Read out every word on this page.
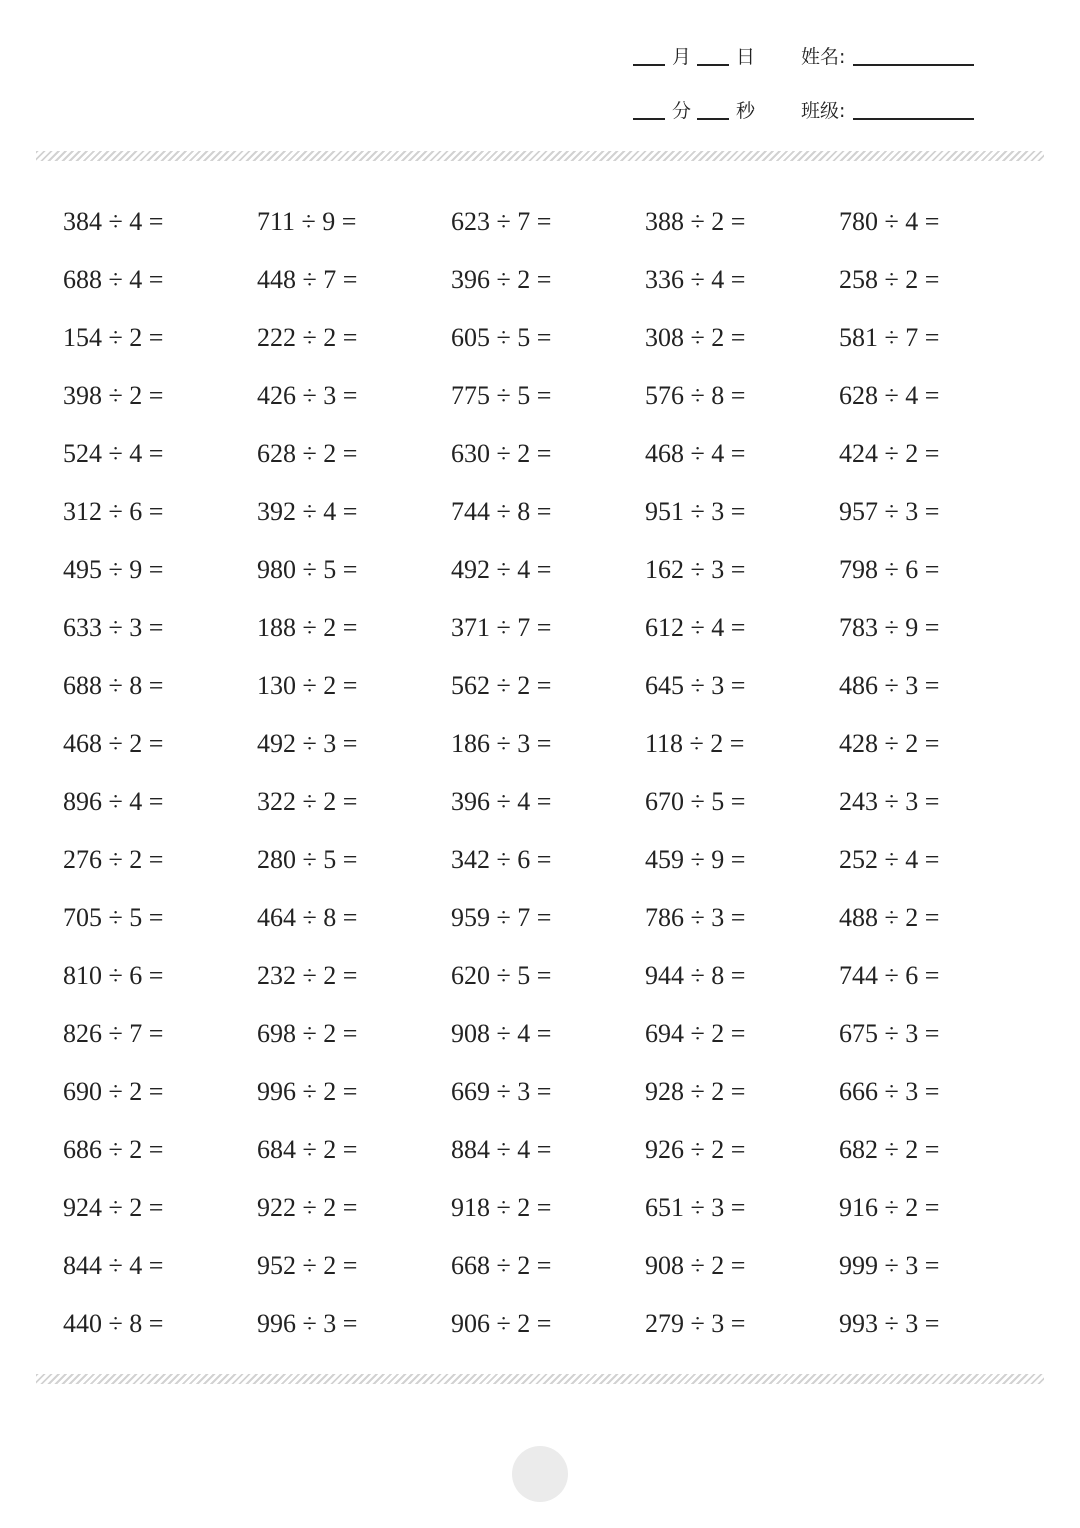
月 日 姓名:
分 秒 班级:
384 ÷ 4 =	711 ÷ 9 =	623 ÷ 7 =	388 ÷ 2 =	780 ÷ 4 =
688 ÷ 4 =	448 ÷ 7 =	396 ÷ 2 =	336 ÷ 4 =	258 ÷ 2 =
154 ÷ 2 =	222 ÷ 2 =	605 ÷ 5 =	308 ÷ 2 =	581 ÷ 7 =
398 ÷ 2 =	426 ÷ 3 =	775 ÷ 5 =	576 ÷ 8 =	628 ÷ 4 =
524 ÷ 4 =	628 ÷ 2 =	630 ÷ 2 =	468 ÷ 4 =	424 ÷ 2 =
312 ÷ 6 =	392 ÷ 4 =	744 ÷ 8 =	951 ÷ 3 =	957 ÷ 3 =
495 ÷ 9 =	980 ÷ 5 =	492 ÷ 4 =	162 ÷ 3 =	798 ÷ 6 =
633 ÷ 3 =	188 ÷ 2 =	371 ÷ 7 =	612 ÷ 4 =	783 ÷ 9 =
688 ÷ 8 =	130 ÷ 2 =	562 ÷ 2 =	645 ÷ 3 =	486 ÷ 3 =
468 ÷ 2 =	492 ÷ 3 =	186 ÷ 3 =	118 ÷ 2 =	428 ÷ 2 =
896 ÷ 4 =	322 ÷ 2 =	396 ÷ 4 =	670 ÷ 5 =	243 ÷ 3 =
276 ÷ 2 =	280 ÷ 5 =	342 ÷ 6 =	459 ÷ 9 =	252 ÷ 4 =
705 ÷ 5 =	464 ÷ 8 =	959 ÷ 7 =	786 ÷ 3 =	488 ÷ 2 =
810 ÷ 6 =	232 ÷ 2 =	620 ÷ 5 =	944 ÷ 8 =	744 ÷ 6 =
826 ÷ 7 =	698 ÷ 2 =	908 ÷ 4 =	694 ÷ 2 =	675 ÷ 3 =
690 ÷ 2 =	996 ÷ 2 =	669 ÷ 3 =	928 ÷ 2 =	666 ÷ 3 =
686 ÷ 2 =	684 ÷ 2 =	884 ÷ 4 =	926 ÷ 2 =	682 ÷ 2 =
924 ÷ 2 =	922 ÷ 2 =	918 ÷ 2 =	651 ÷ 3 =	916 ÷ 2 =
844 ÷ 4 =	952 ÷ 2 =	668 ÷ 2 =	908 ÷ 2 =	999 ÷ 3 =
440 ÷ 8 =	996 ÷ 3 =	906 ÷ 2 =	279 ÷ 3 =	993 ÷ 3 =
